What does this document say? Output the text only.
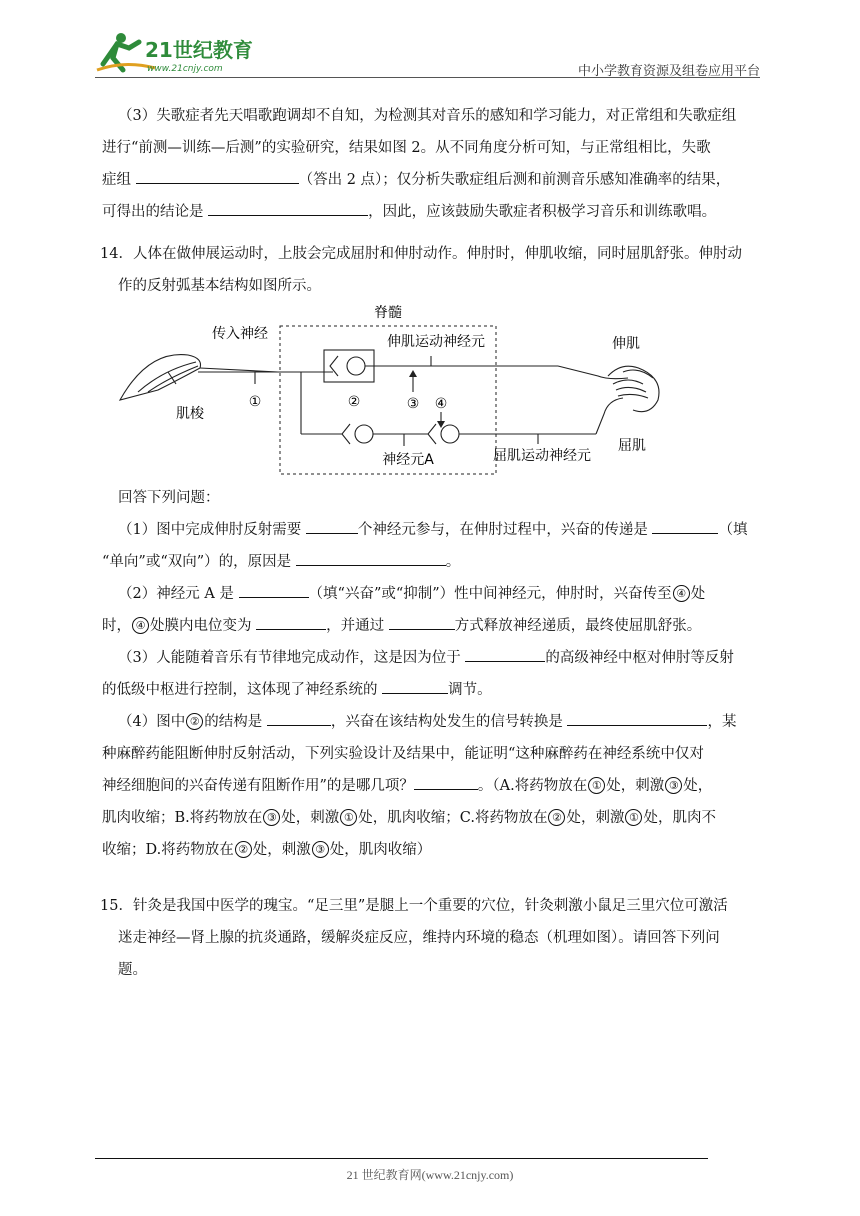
21世纪教育
www.21cnjy.com	中小学教育资源及组卷应用平台

（3）失歌症者先天唱歌跑调却不自知，为检测其对音乐的感知和学习能力，对正常组和失歌症组

进行“前测—训练—后测”的实验研究，结果如图 2。从不同角度分析可知，与正常组相比，失歌

症组	（答出 2 点）；仅分析失歌症组后测和前测音乐感知准确率的结果，

可得出的结论是	，因此，应该鼓励失歌症者积极学习音乐和训练歌唱。

14．人体在做伸展运动时，上肢会完成屈肘和伸肘动作。伸肘时，伸肌收缩，同时屈肌舒张。伸肘动

作的反射弧基本结构如图所示。

脊髓
传入神经	伸肌运动神经元	伸肌
肌梭
①	②	③ ④
神经元A	屈肌运动神经元
屈肌

回答下列问题：

（1）图中完成伸肘反射需要	个神经元参与，在伸肘过程中，兴奋的传递是	（填

“单向”或“双向”）的，原因是	。

（2）神经元 A 是	（填“兴奋”或“抑制”）性中间神经元，伸肘时，兴奋传至 ④ 处

时， ④ 处膜内电位变为	，并通过	方式释放神经递质，最终使屈肌舒张。

（3）人能随着音乐有节律地完成动作，这是因为位于	的高级神经中枢对伸肘等反射

的低级中枢进行控制，这体现了神经系统的	调节。

（4）图中 ② 的结构是	，兴奋在该结构处发生的信号转换是	，某

种麻醉药能阻断伸肘反射活动，下列实验设计及结果中，能证明“这种麻醉药在神经系统中仅对

神经细胞间的兴奋传递有阻断作用”的是哪几项？	。（A.将药物放在 ① 处，刺激 ③ 处，

肌肉收缩；B.将药物放在 ③ 处，刺激 ① 处，肌肉收缩；C.将药物放在 ② 处，刺激 ① 处，肌肉不

收缩；D.将药物放在 ② 处，刺激 ③ 处，肌肉收缩）

15．针灸是我国中医学的瑰宝。“足三里”是腿上一个重要的穴位，针灸刺激小鼠足三里穴位可激活

迷走神经—肾上腺的抗炎通路，缓解炎症反应，维持内环境的稳态（机理如图）。请回答下列问

题。

21 世纪教育网(www.21cnjy.com)
